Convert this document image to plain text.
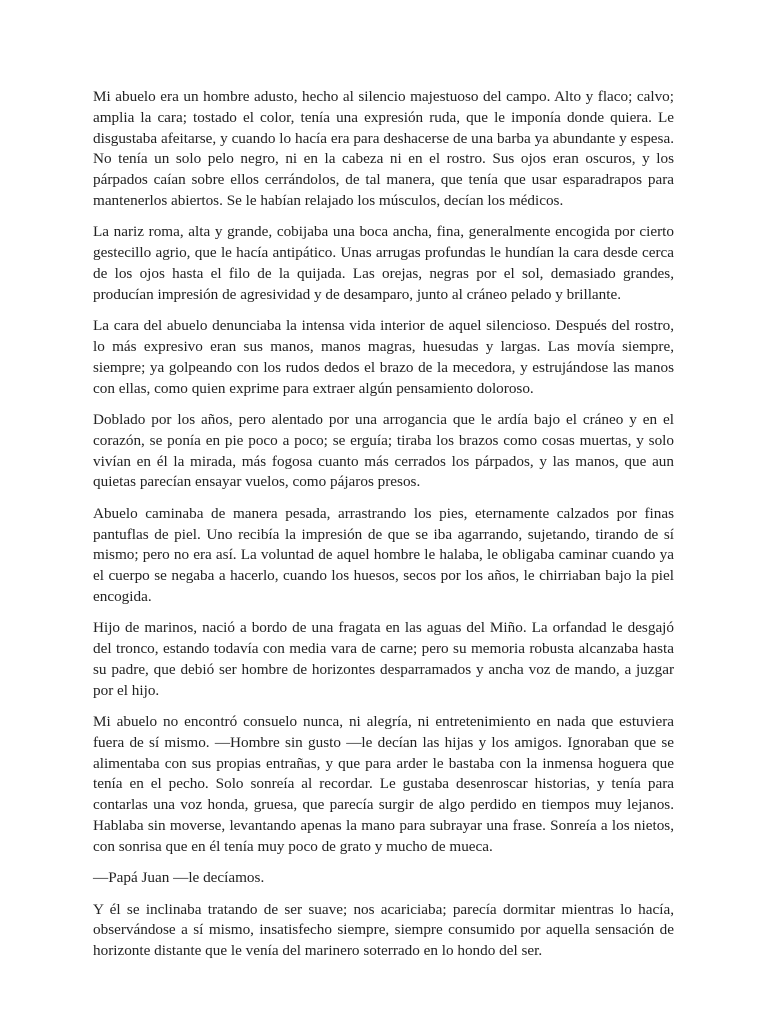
Mi abuelo era un hombre adusto, hecho al silencio majestuoso del campo. Alto y flaco; calvo; amplia la cara; tostado el color, tenía una expresión ruda, que le imponía donde quiera. Le disgustaba afeitarse, y cuando lo hacía era para deshacerse de una barba ya abundante y espesa. No tenía un solo pelo negro, ni en la cabeza ni en el rostro. Sus ojos eran oscuros, y los párpados caían sobre ellos cerrándolos, de tal manera, que tenía que usar esparadrapos para mantenerlos abiertos. Se le habían relajado los músculos, decían los médicos.

La nariz roma, alta y grande, cobijaba una boca ancha, fina, generalmente encogida por cierto gestecillo agrio, que le hacía antipático. Unas arrugas profundas le hundían la cara desde cerca de los ojos hasta el filo de la quijada. Las orejas, negras por el sol, demasiado grandes, producían impresión de agresividad y de desamparo, junto al cráneo pelado y brillante.

La cara del abuelo denunciaba la intensa vida interior de aquel silencioso. Después del rostro, lo más expresivo eran sus manos, manos magras, huesudas y largas. Las movía siempre, siempre; ya golpeando con los rudos dedos el brazo de la mecedora, y estrujándose las manos con ellas, como quien exprime para extraer algún pensamiento doloroso.

Doblado por los años, pero alentado por una arrogancia que le ardía bajo el cráneo y en el corazón, se ponía en pie poco a poco; se erguía; tiraba los brazos como cosas muertas, y solo vivían en él la mirada, más fogosa cuanto más cerrados los párpados, y las manos, que aun quietas parecían ensayar vuelos, como pájaros presos.

Abuelo caminaba de manera pesada, arrastrando los pies, eternamente calzados por finas pantuflas de piel. Uno recibía la impresión de que se iba agarrando, sujetando, tirando de sí mismo; pero no era así. La voluntad de aquel hombre le halaba, le obligaba caminar cuando ya el cuerpo se negaba a hacerlo, cuando los huesos, secos por los años, le chirriaban bajo la piel encogida.

Hijo de marinos, nació a bordo de una fragata en las aguas del Miño. La orfandad le desgajó del tronco, estando todavía con media vara de carne; pero su memoria robusta alcanzaba hasta su padre, que debió ser hombre de horizontes desparramados y ancha voz de mando, a juzgar por el hijo.

Mi abuelo no encontró consuelo nunca, ni alegría, ni entretenimiento en nada que estuviera fuera de sí mismo. —Hombre sin gusto —le decían las hijas y los amigos. Ignoraban que se alimentaba con sus propias entrañas, y que para arder le bastaba con la inmensa hoguera que tenía en el pecho. Solo sonreía al recordar. Le gustaba desenroscar historias, y tenía para contarlas una voz honda, gruesa, que parecía surgir de algo perdido en tiempos muy lejanos. Hablaba sin moverse, levantando apenas la mano para subrayar una frase. Sonreía a los nietos, con sonrisa que en él tenía muy poco de grato y mucho de mueca.

—Papá Juan —le decíamos.

Y él se inclinaba tratando de ser suave; nos acariciaba; parecía dormitar mientras lo hacía, observándose a sí mismo, insatisfecho siempre, siempre consumido por aquella sensación de horizonte distante que le venía del marinero soterrado en lo hondo del ser.
